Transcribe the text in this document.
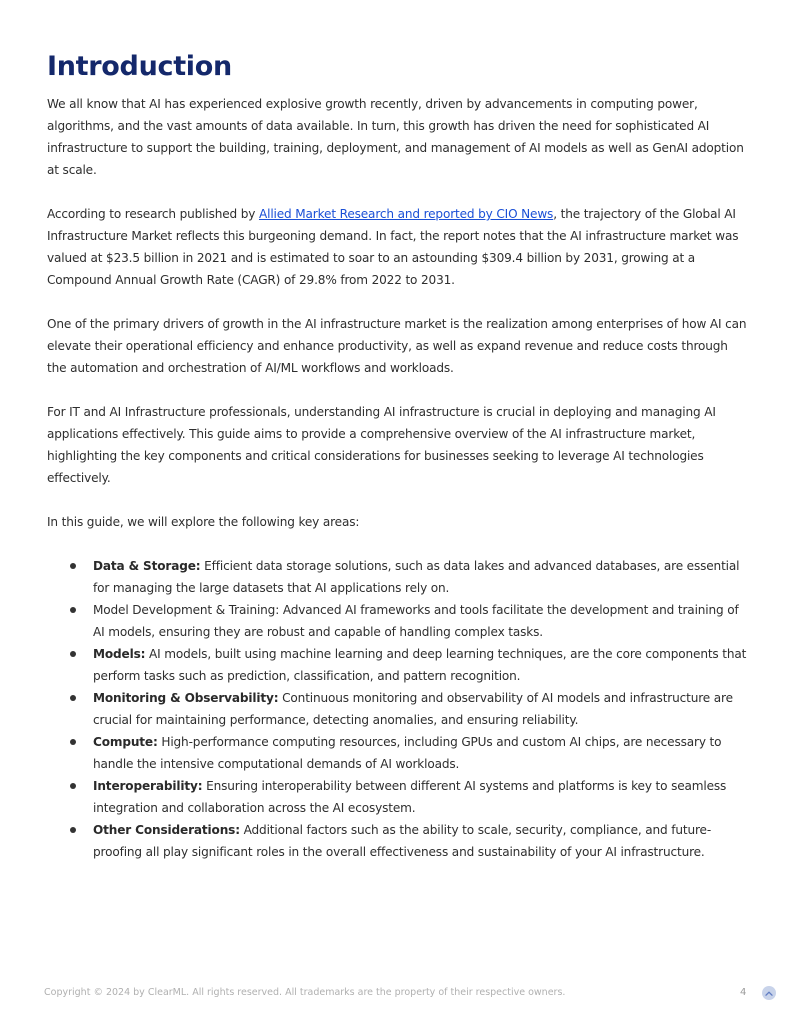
Introduction

We all know that AI has experienced explosive growth recently, driven by advancements in computing power, algorithms, and the vast amounts of data available. In turn, this growth has driven the need for sophisticated AI infrastructure to support the building, training, deployment, and management of AI models as well as GenAI adoption at scale.

According to research published by Allied Market Research and reported by CIO News, the trajectory of the Global AI Infrastructure Market reflects this burgeoning demand. In fact, the report notes that the AI infrastructure market was valued at $23.5 billion in 2021 and is estimated to soar to an astounding $309.4 billion by 2031, growing at a Compound Annual Growth Rate (CAGR) of 29.8% from 2022 to 2031.

One of the primary drivers of growth in the AI infrastructure market is the realization among enterprises of how AI can elevate their operational efficiency and enhance productivity, as well as expand revenue and reduce costs through the automation and orchestration of AI/ML workflows and workloads.

For IT and AI Infrastructure professionals, understanding AI infrastructure is crucial in deploying and managing AI applications effectively. This guide aims to provide a comprehensive overview of the AI infrastructure market, highlighting the key components and critical considerations for businesses seeking to leverage AI technologies effectively.

In this guide, we will explore the following key areas:

Data & Storage: Efficient data storage solutions, such as data lakes and advanced databases, are essential for managing the large datasets that AI applications rely on.
Model Development & Training: Advanced AI frameworks and tools facilitate the development and training of AI models, ensuring they are robust and capable of handling complex tasks.
Models: AI models, built using machine learning and deep learning techniques, are the core components that perform tasks such as prediction, classification, and pattern recognition.
Monitoring & Observability: Continuous monitoring and observability of AI models and infrastructure are crucial for maintaining performance, detecting anomalies, and ensuring reliability.
Compute: High-performance computing resources, including GPUs and custom AI chips, are necessary to handle the intensive computational demands of AI workloads.
Interoperability: Ensuring interoperability between different AI systems and platforms is key to seamless integration and collaboration across the AI ecosystem.
Other Considerations: Additional factors such as the ability to scale, security, compliance, and future-proofing all play significant roles in the overall effectiveness and sustainability of your AI infrastructure.
Copyright © 2024 by ClearML. All rights reserved. All trademarks are the property of their respective owners.	4
